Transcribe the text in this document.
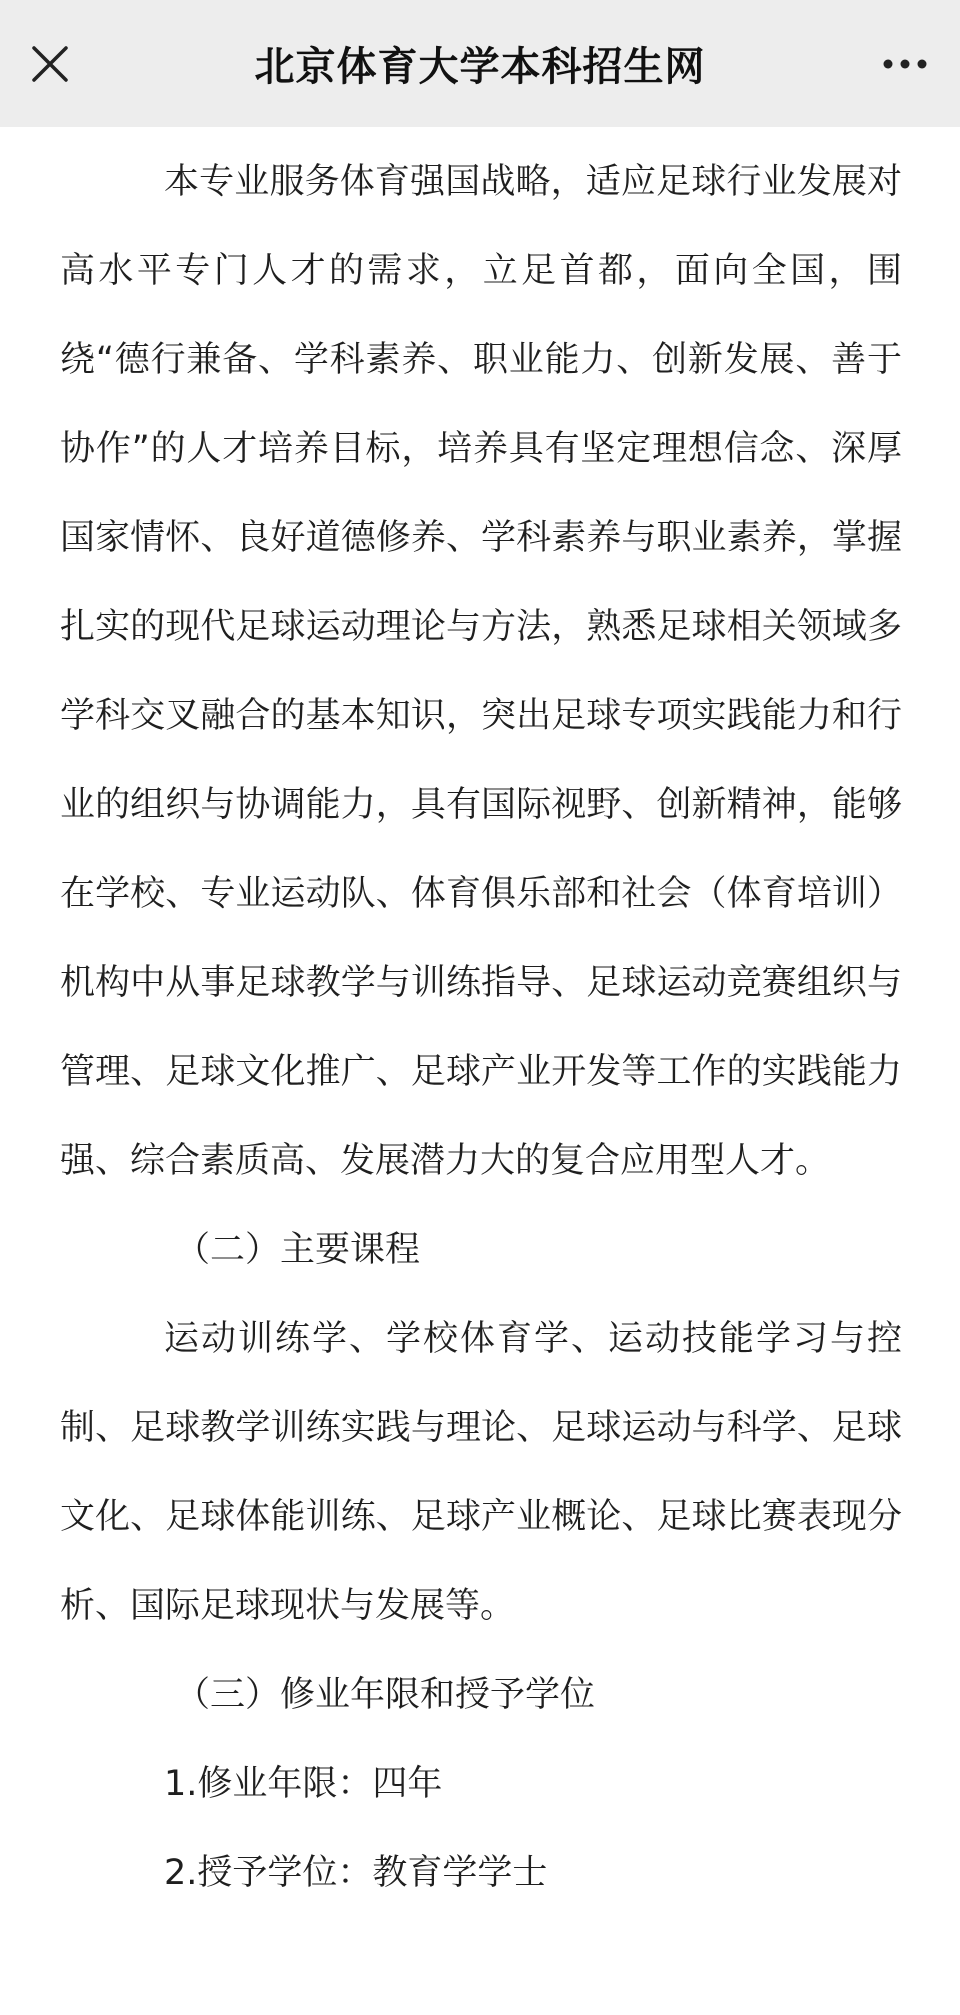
北京体育大学本科招生网

本专业服务体育强国战略，适应足球行业发展对高水平专门人才的需求，立足首都，面向全国，围绕“德行兼备、学科素养、职业能力、创新发展、善于协作”的人才培养目标，培养具有坚定理想信念、深厚国家情怀、良好道德修养、学科素养与职业素养，掌握扎实的现代足球运动理论与方法，熟悉足球相关领域多学科交叉融合的基本知识，突出足球专项实践能力和行业的组织与协调能力，具有国际视野、创新精神，能够在学校、专业运动队、体育俱乐部和社会（体育培训）机构中从事足球教学与训练指导、足球运动竞赛组织与管理、足球文化推广、足球产业开发等工作的实践能力强、综合素质高、发展潜力大的复合应用型人才。

（二）主要课程

运动训练学、学校体育学、运动技能学习与控制、足球教学训练实践与理论、足球运动与科学、足球文化、足球体能训练、足球产业概论、足球比赛表现分析、国际足球现状与发展等。

（三）修业年限和授予学位

1.修业年限：四年

2.授予学位：教育学学士
